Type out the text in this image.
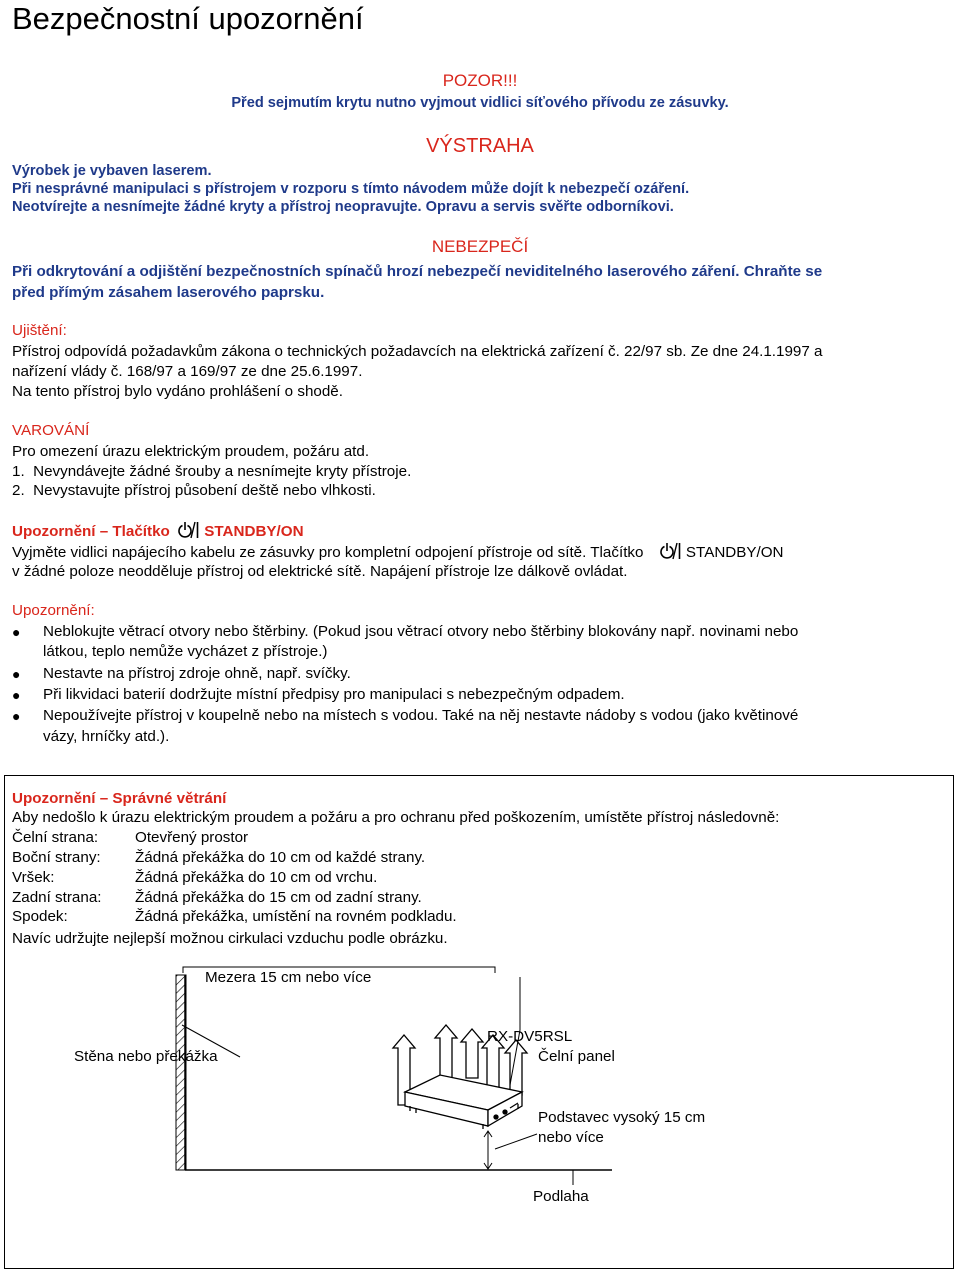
Bezpečnostní upozornění
POZOR!!!
Před sejmutím krytu nutno vyjmout vidlici síťového přívodu ze zásuvky.
VÝSTRAHA
Výrobek je vybaven laserem.
Při nesprávné manipulaci s přístrojem v rozporu s tímto návodem může dojít k nebezpečí ozáření.
Neotvírejte a nesnímejte žádné kryty a přístroj neopravujte. Opravu a servis svěřte odborníkovi.
NEBEZPEČÍ
Při odkrytování a odjištění bezpečnostních spínačů hrozí nebezpečí neviditelného laserového záření. Chraňte se
před přímým zásahem laserového paprsku.
Ujištění:
Přístroj odpovídá požadavkům zákona o technických požadavcích na elektrická zařízení č. 22/97 sb. Ze dne 24.1.1997 a
nařízení vlády č. 168/97 a 169/97 ze dne 25.6.1997.
Na tento přístroj bylo vydáno prohlášení o shodě.
VAROVÁNÍ
Pro omezení úrazu elektrickým proudem, požáru atd.
1.  Nevyndávejte žádné šrouby a nesnímejte kryty přístroje.
2.  Nevystavujte přístroj působení deště nebo vlhkosti.
Upozornění – Tlačítko STANDBY/ON
Vyjměte vidlici napájecího kabelu ze zásuvky pro kompletní odpojení přístroje od sítě. Tlačítko	STANDBY/ON
v žádné poloze neodděluje přístroj od elektrické sítě. Napájení přístroje lze dálkově ovládat.
Upozornění:
● Neblokujte větrací otvory nebo štěrbiny. (Pokud jsou větrací otvory nebo štěrbiny blokovány např. novinami nebo
látkou, teplo nemůže vycházet z přístroje.)
● Nestavte na přístroj zdroje ohně, např. svíčky.
● Při likvidaci baterií dodržujte místní předpisy pro manipulaci s nebezpečným odpadem.
● Nepoužívejte přístroj v koupelně nebo na místech s vodou. Také na něj nestavte nádoby s vodou (jako květinové
vázy, hrníčky atd.).
Upozornění – Správné větrání
Aby nedošlo k úrazu elektrickým proudem a požáru a pro ochranu před poškozením, umístěte přístroj následovně:
Čelní strana: Otevřený prostor
Boční strany: Žádná překážka do 10 cm od každé strany.
Vršek:	Žádná překážka do 10 cm od vrchu.
Zadní strana: Žádná překážka do 15 cm od zadní strany.
Spodek:	Žádná překážka, umístění na rovném podkladu.
Navíc udržujte nejlepší možnou cirkulaci vzduchu podle obrázku.
Mezera 15 cm nebo více
Stěna nebo překážka
RX-DV5RSL
Čelní panel
Podstavec vysoký 15 cm
nebo více
Podlaha
